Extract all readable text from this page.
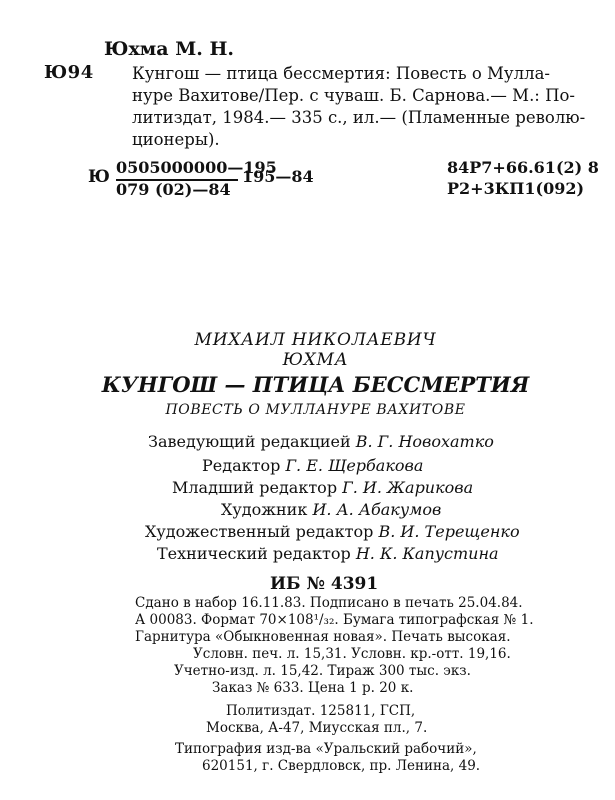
Юхма М. Н.
Ю94 Кунгош — птица бессмертия: Повесть о Мулла-
нуре Вахитове/Пер. с чуваш. Б. Сарнова.— М.: По-
литиздат, 1984.— 335 с., ил.— (Пламенные револю-
ционеры).
Ю 0505000000—195
079 (02)—84
195—84	84Р7+66.61(2) 8
Р2+3КП1(092)
МИХАИЛ НИКОЛАЕВИЧ
ЮХМА
КУНГОШ — ПТИЦА БЕССМЕРТИЯ
ПОВЕСТЬ О МУЛЛАНУРЕ ВАХИТОВЕ
Заведующий редакцией В. Г. Новохатко
Редактор Г. Е. Щербакова
Младший редактор Г. И. Жарикова
Художник И. А. Абакумов
Художественный редактор В. И. Терещенко
Технический редактор Н. К. Капустина
ИБ № 4391
Сдано в набор 16.11.83. Подписано в печать 25.04.84.
А 00083. Формат 70×108¹/₃₂. Бумага типографская № 1.
Гарнитура «Обыкновенная новая». Печать высокая.
Условн. печ. л. 15,31. Условн. кр.-отт. 19,16.
Учетно-изд. л. 15,42. Тираж 300 тыс. экз.
Заказ № 633. Цена 1 р. 20 к.
Политиздат. 125811, ГСП,
Москва, А-47, Миусская пл., 7.
Типография изд-ва «Уральский рабочий»,
620151, г. Свердловск, пр. Ленина, 49.
